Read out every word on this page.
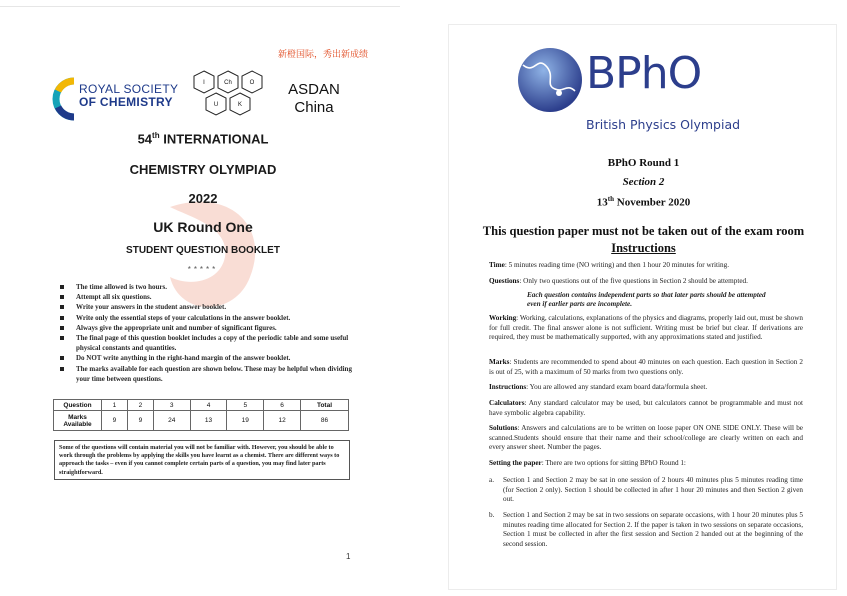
新橙国际，秀出新成绩
ROYAL SOCIETY
OF CHEMISTRY
I	Ch	O
U	K
ASDAN
China
54th INTERNATIONAL
CHEMISTRY OLYMPIAD
2022
UK Round One
STUDENT QUESTION BOOKLET
*****
The time allowed is two hours.
Attempt all six questions.
Write your answers in the student answer booklet.
Write only the essential steps of your calculations in the answer booklet.
Always give the appropriate unit and number of significant figures.
The final page of this question booklet includes a copy of the periodic table and some useful physical constants and quantities.
Do NOT write anything in the right-hand margin of the answer booklet.
The marks available for each question are shown below. These may be helpful when dividing your time between questions.
Question	1	2	3	4	5	6	Total
Marks Available	9	9	24	13	19	12	86
Some of the questions will contain material you will not be familiar with. However, you should be able to work through the problems by applying the skills you have learnt as a chemist. There are different ways to approach the tasks – even if you cannot complete certain parts of a question, you may find later parts straightforward.
1
BPhO
British Physics Olympiad
BPhO Round 1
Section 2
13th November 2020
This question paper must not be taken out of the exam room
Instructions
Time: 5 minutes reading time (NO writing) and then 1 hour 20 minutes for writing.
Questions: Only two questions out of the five questions in Section 2 should be attempted.
Each question contains independent parts so that later parts should be attempted even if earlier parts are incomplete.
Working: Working, calculations, explanations of the physics and diagrams, properly laid out, must be shown for full credit. The final answer alone is not sufficient. Writing must be brief but clear. If derivations are required, they must be mathematically supported, with any approximations stated and justified.
Marks: Students are recommended to spend about 40 minutes on each question. Each question in Section 2 is out of 25, with a maximum of 50 marks from two questions only.
Instructions: You are allowed any standard exam board data/formula sheet.
Calculators: Any standard calculator may be used, but calculators cannot be programmable and must not have symbolic algebra capability.
Solutions: Answers and calculations are to be written on loose paper ON ONE SIDE ONLY. These will be scanned.Students should ensure that their name and their school/college are clearly written on each and every answer sheet. Number the pages.
Setting the paper: There are two options for sitting BPhO Round 1:
a. Section 1 and Section 2 may be sat in one session of 2 hours 40 minutes plus 5 minutes reading time (for Section 2 only). Section 1 should be collected in after 1 hour 20 minutes and then Section 2 given out.
b. Section 1 and Section 2 may be sat in two sessions on separate occasions, with 1 hour 20 minutes plus 5 minutes reading time allocated for Section 2. If the paper is taken in two sessions on separate occasions, Section 1 must be collected in after the first session and Section 2 handed out at the beginning of the second session.
